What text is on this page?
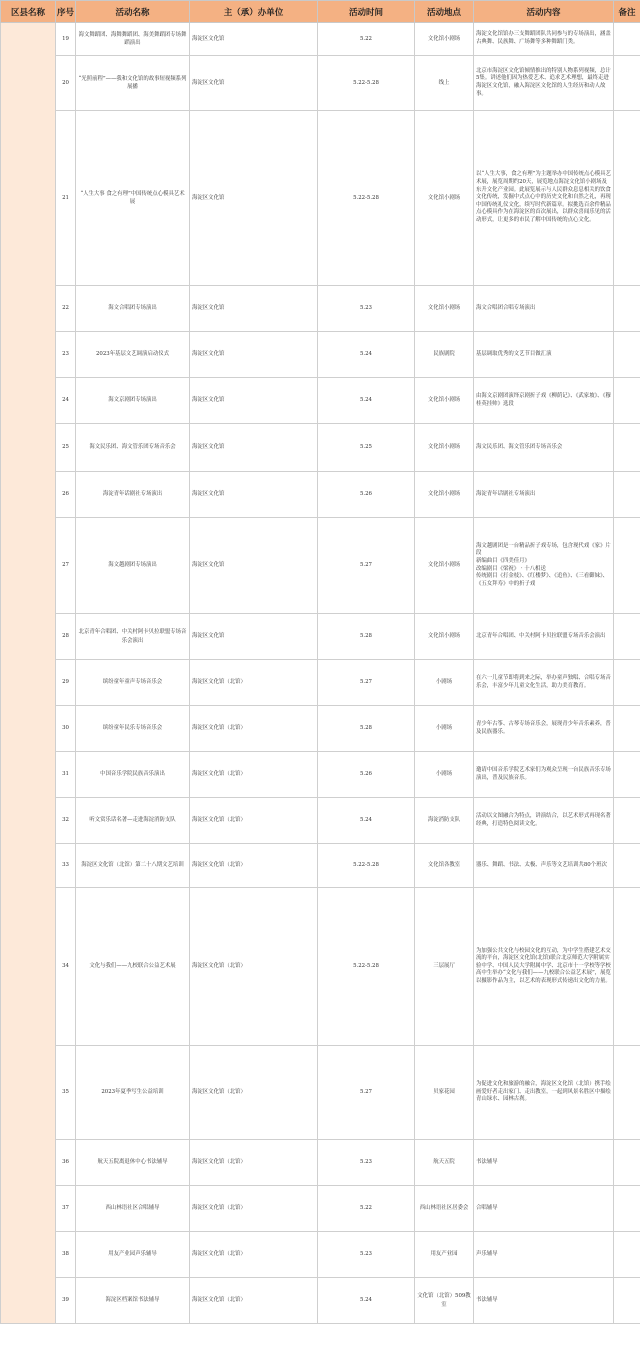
区县名称	序号	活动名称	主（承）办单位	活动时间	活动地点	活动内容	备注
	19	海文舞蹈团、海舞舞蹈团、海美舞蹈团专场舞蹈演出	海淀区文化馆	5.22	文化馆小剧场	海淀文化馆馆办三支舞蹈团队共同参与的专场演出，涵盖古典舞、民族舞、广场舞等多种舞蹈门类。	
	20	“光照前程”——我和文化馆的故事短视频系列展播	海淀区文化馆	5.22-5.28	线上	北京市海淀区文化馆倾情推出的特别人物系列视频，总计5集。讲述他们因为热爱艺术、追求艺术理想，最终走进海淀区文化馆，融入海淀区文化馆的人生经历和动人故事。	
	21	“人生大事 食之有理”中国传统点心模具艺术展	海淀区文化馆	5.22-5.28	文化馆小剧场	以“人生大事，食之有理”为主题举办中国传统点心模具艺术展，展览周期约20天，展览地点海淀文化馆小剧场及东升文化产业园。此展览展示与人民群众息息相关的饮食文化传统，发掘中式点心中的历史文化和自然之礼，再现中国传统礼仪文化，续写时代新篇章。拟挑选百余件精品点心模具作为在海淀区的首次展出，以群众喜闻乐见的活动形式，让更多的市民了解中国传统的点心文化。	
	22	海文合唱团专场演出	海淀区文化馆	5.23	文化馆小剧场	海文合唱团合唱专场演出	
	23	2023年基层文艺调演启动仪式	海淀区文化馆	5.24	民族剧院	基层调取优秀的文艺节目做汇演	
	24	海文京剧团专场演出	海淀区文化馆	5.24	文化馆小剧场	由海文京剧团演绎京剧折子戏《柳荫记》、《武家坡》、《穆桂英挂帅》选段	
	25	海文民乐团、海文管乐团专场音乐会	海淀区文化馆	5.25	文化馆小剧场	海文民乐团、海文管乐团专场音乐会	
	26	海淀青年话剧社专场演出	海淀区文化馆	5.26	文化馆小剧场	海淀青年话剧社专场演出	
	27	海文越剧团专场演出	海淀区文化馆	5.27	文化馆小剧场	海文越剧团是一台精品折子戏专场，包含现代戏《家》片段
新编曲目《四美佳月》
改编剧目《梁祝》 · 十八相送
传统剧目《打金枝》、《红楼梦》、《追鱼》、《三看御妹》、《五女拜寿》中的折子戏	
	28	北京青年合唱团、中关村阿卡贝拉联盟专场音乐会演出	海淀区文化馆	5.28	文化馆小剧场	北京青年合唱团、中关村阿卡贝拉联盟专场音乐会演出	
	29	缤纷童年童声专场音乐会	海淀区文化馆（北馆）	5.27	小剧场	在六一儿童节即将到来之际，举办童声独唱、合唱专场音乐会，丰富少年儿童文化生活，助力美育教育。	
	30	缤纷童年民乐专场音乐会	海淀区文化馆（北馆）	5.28	小剧场	青少年古筝、古琴专场音乐会，展现青少年音乐素养，普及民族器乐。	
	31	中国音乐学院民族音乐演出	海淀区文化馆（北馆）	5.26	小剧场	邀请中国音乐学院艺术家们为观众呈现一台民族音乐专场演出，普及民族音乐。	
	32	听文赏乐话名著—走进海淀消防支队	海淀区文化馆（北馆）	5.24	海淀消防支队	活动以文图融合为特点，讲演结合，以艺术形式再现名著经典，打造特色阅读文化。	
	33	海淀区文化馆（北馆）第二十八期文艺培训	海淀区文化馆（北馆）	5.22-5.28	文化馆各教室	器乐、舞蹈、书法、太极、声乐等文艺培训共80个班次	
	34	文化与我们——九校联合公益艺术展	海淀区文化馆（北馆）	5.22-5.28	三层展厅	为加强公共文化与校园文化的互动，为中学生搭建艺术交流的平台，海淀区文化馆(北馆)联合北京师范大学附属实验中学、中国人民大学附属中学、北京市十一学校等学校高中生举办“文化与我们——九校联合公益艺术展”，展览以摄影作品为主，以艺术的表现形式传递出文化的力量。	
	35	2023年夏季写生公益培训	海淀区文化馆（北馆）	5.27	贝家花园	为促进文化和旅游的融合，海淀区文化馆（北馆）携手绘画爱好者走出家门、走出教室，一起到风景名胜区中描绘青山绿水、园林古刹。	
	36	航天五院离退休中心书法辅导	海淀区文化馆（北馆）	5.23	航天五院	书法辅导	
	37	西山林语社区合唱辅导	海淀区文化馆（北馆）	5.22	西山林语社区居委会	合唱辅导	
	38	用友产业园声乐辅导	海淀区文化馆（北馆）	5.23	用友产业园	声乐辅导	
	39	海淀区档案馆书法辅导	海淀区文化馆（北馆）	5.24	文化馆（北馆）509教室	书法辅导	
